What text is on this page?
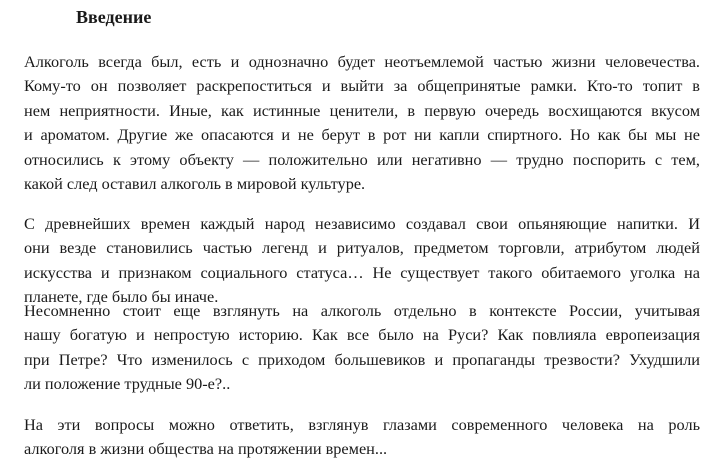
Введение

Алкоголь всегда был, есть и однозначно будет неотъемлемой частью жизни человечества.
Кому-то он позволяет раскрепоститься и выйти за общепринятые рамки. Кто-то топит в
нем неприятности. Иные, как истинные ценители, в первую очередь восхищаются вкусом
и ароматом. Другие же опасаются и не берут в рот ни капли спиртного. Но как бы мы не
относились к этому объекту — положительно или негативно — трудно поспорить с тем,
какой след оставил алкоголь в мировой культуре.

С древнейших времен каждый народ независимо создавал свои опьяняющие напитки. И
они везде становились частью легенд и ритуалов, предметом торговли, атрибутом людей
искусства и признаком социального статуса… Не существует такого обитаемого уголка на
планете, где было бы иначе.

Несомненно стоит еще взглянуть на алкоголь отдельно в контексте России, учитывая
нашу богатую и непростую историю. Как все было на Руси? Как повлияла европеизация
при Петре? Что изменилось с приходом большевиков и пропаганды трезвости? Ухудшили
ли положение трудные 90-е?..

На эти вопросы можно ответить, взглянув глазами современного человека на роль
алкоголя в жизни общества на протяжении времен...
